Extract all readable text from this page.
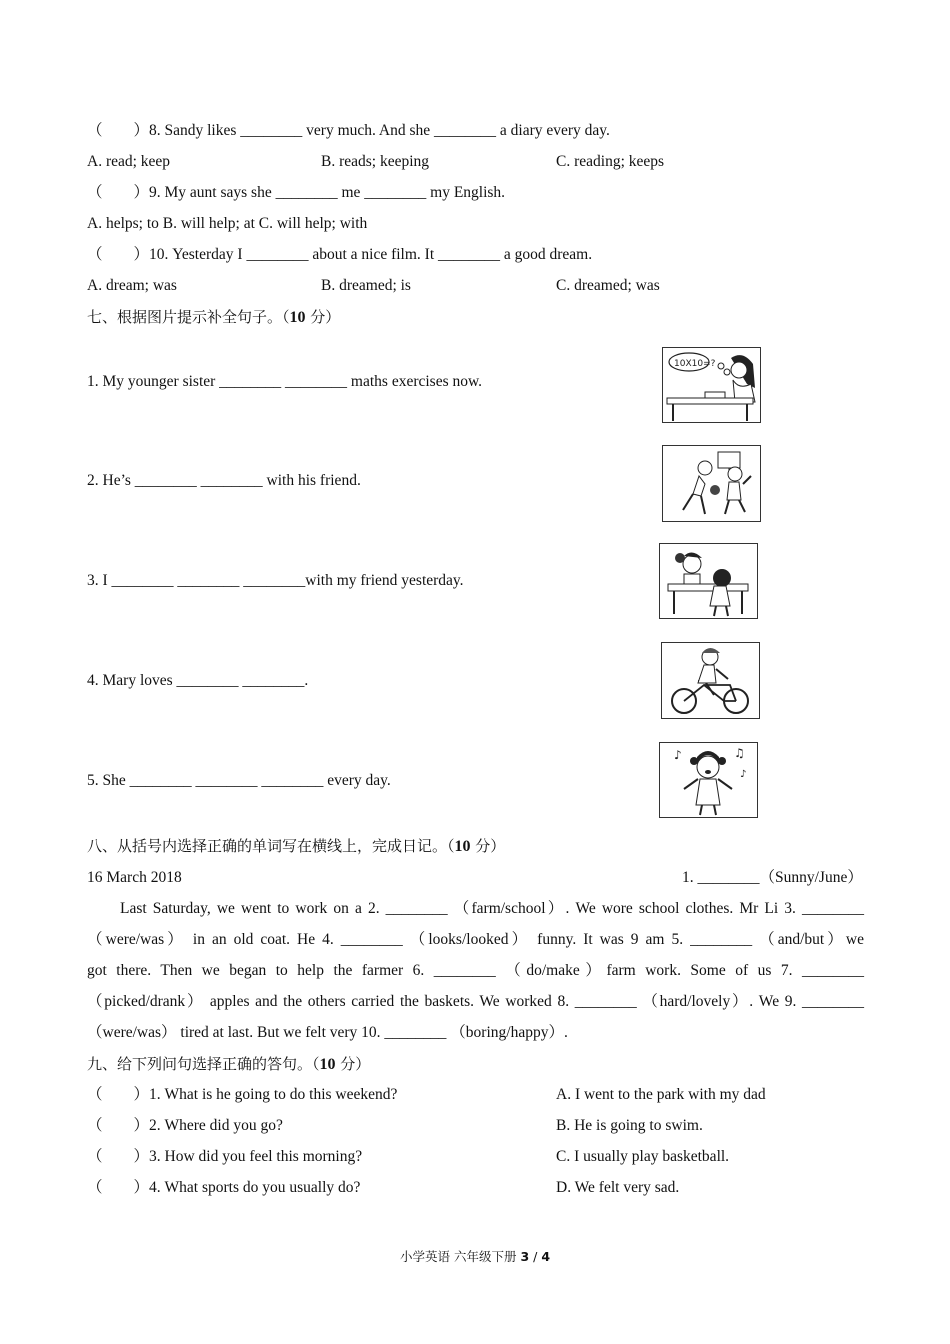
（　　）8. Sandy likes ________ very much. And she ________ a diary every day.
A. read; keep	B. reads; keeping	C. reading; keeps
（　　）9. My aunt says she ________ me ________ my English.
A. helps; to B. will help; at C. will help; with
（　　）10. Yesterday I ________ about a nice film. It ________ a good dream.
A. dream; was	B. dreamed; is	C. dreamed; was
七、根据图片提示补全句子。（10 分）
1. My younger sister ________ ________ maths exercises now.
2. He’s ________ ________ with his friend.
3. I ________ ________ ________with my friend yesterday.
4. Mary loves ________ ________.
5. She ________ ________ ________ every day.
10X10=?
♪	♫
♪
八、从括号内选择正确的单词写在横线上，完成日记。（10 分）
16 March 2018	1. ________（Sunny/June）
Last Saturday, we went to work on a 2. ________ （farm/school）. We wore school clothes. Mr Li 3. ________
（were/was） in an old coat. He 4. ________ （looks/looked） funny. It was 9 am 5. ________ （and/but）we
got there. Then we began to help the farmer 6. ________ （do/make）farm work. Some of us 7. ________
（picked/drank） apples and the others carried the baskets. We worked 8. ________ （hard/lovely）. We 9. ________
（were/was） tired at last. But we felt very 10. ________ （boring/happy）.
九、给下列问句选择正确的答句。（10 分）
（　　）1. What is he going to do this weekend?	A. I went to the park with my dad
（　　）2. Where did you go?	B. He is going to swim.
（　　）3. How did you feel this morning?	C. I usually play basketball.
（　　）4. What sports do you usually do?	D. We felt very sad.
小学英语 六年级下册 3 / 4
